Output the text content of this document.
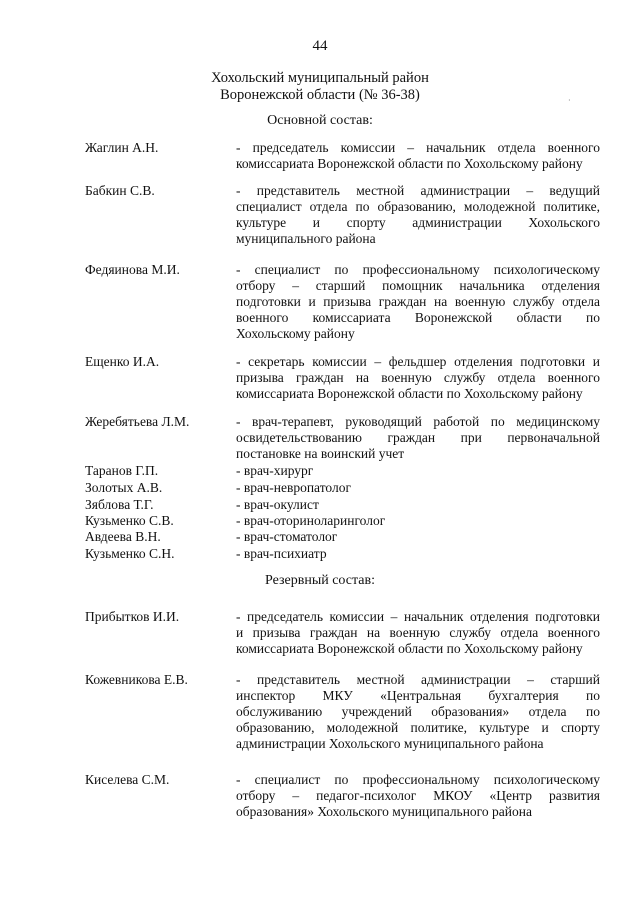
44
Хохольский муниципальный район
Воронежской области (№ 36-38)	·
Основной состав:
Жаглин А.Н.	- председатель комиссии – начальник отдела военного
комиссариата Воронежской области по Хохольскому району
Бабкин С.В.	- представитель местной администрации – ведущий
специалист отдела по образованию, молодежной политике,
культуре и спорту администрации Хохольского
муниципального района
Федяинова М.И.	- специалист по профессиональному психологическому
отбору – старший помощник начальника отделения
подготовки и призыва граждан на военную службу отдела
военного комиссариата Воронежской области по
Хохольскому району
Ещенко И.А.	- секретарь комиссии – фельдшер отделения подготовки и
призыва граждан на военную службу отдела военного
комиссариата Воронежской области по Хохольскому району
Жеребятьева Л.М.	- врач-терапевт, руководящий работой по медицинскому
освидетельствованию граждан при первоначальной
постановке на воинский учет
Таранов Г.П.	- врач-хирург
Золотых А.В.	- врач-невропатолог
Зяблова Т.Г.	- врач-окулист
Кузьменко С.В.	- врач-оториноларинголог
Авдеева В.Н.	- врач-стоматолог
Кузьменко С.Н.	- врач-психиатр
Резервный состав:
Прибытков И.И.	- председатель комиссии – начальник отделения подготовки
и призыва граждан на военную службу отдела военного
комиссариата Воронежской области по Хохольскому району
Кожевникова Е.В.	- представитель местной администрации – старший
инспектор МКУ «Центральная бухгалтерия по
обслуживанию учреждений образования» отдела по
образованию, молодежной политике, культуре и спорту
администрации Хохольского муниципального района
Киселева С.М.	- специалист по профессиональному психологическому
отбору – педагог-психолог МКОУ «Центр развития
образования» Хохольского муниципального района
